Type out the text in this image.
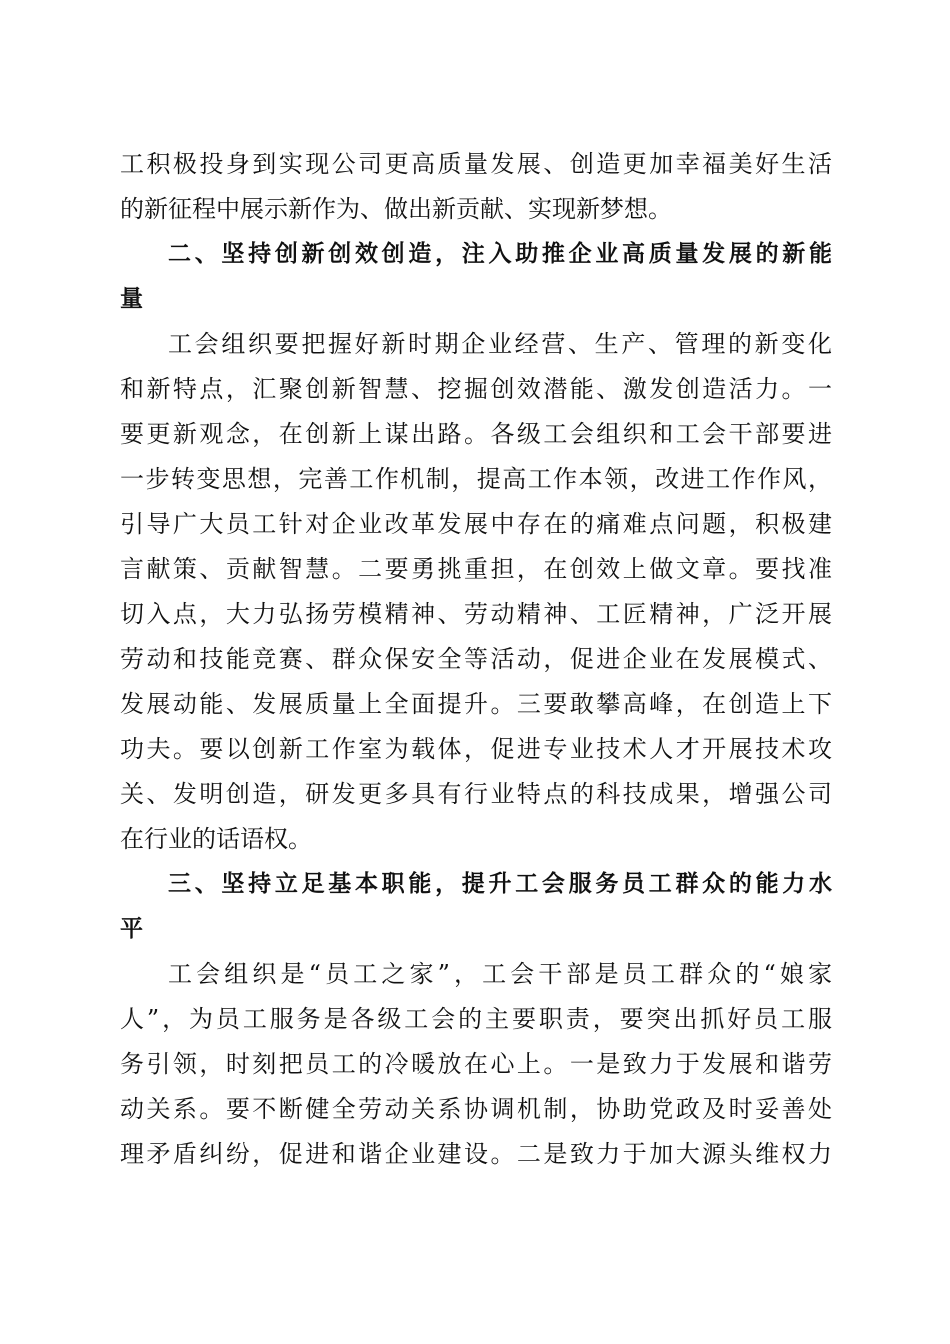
工积极投身到实现公司更高质量发展、创造更加幸福美好生活
的新征程中展示新作为、做出新贡献、实现新梦想。
二、坚持创新创效创造，注入助推企业高质量发展的新能
量
工会组织要把握好新时期企业经营、生产、管理的新变化
和新特点，汇聚创新智慧、挖掘创效潜能、激发创造活力。一
要更新观念，在创新上谋出路。各级工会组织和工会干部要进
一步转变思想，完善工作机制，提高工作本领，改进工作作风，
引导广大员工针对企业改革发展中存在的痛难点问题，积极建
言献策、贡献智慧。二要勇挑重担，在创效上做文章。要找准
切入点，大力弘扬劳模精神、劳动精神、工匠精神，广泛开展
劳动和技能竞赛、群众保安全等活动，促进企业在发展模式、
发展动能、发展质量上全面提升。三要敢攀高峰，在创造上下
功夫。要以创新工作室为载体，促进专业技术人才开展技术攻
关、发明创造，研发更多具有行业特点的科技成果，增强公司
在行业的话语权。
三、坚持立足基本职能，提升工会服务员工群众的能力水
平
工会组织是“员工之家”，工会干部是员工群众的“娘家
人”，为员工服务是各级工会的主要职责，要突出抓好员工服
务引领，时刻把员工的冷暖放在心上。一是致力于发展和谐劳
动关系。要不断健全劳动关系协调机制，协助党政及时妥善处
理矛盾纠纷，促进和谐企业建设。二是致力于加大源头维权力
